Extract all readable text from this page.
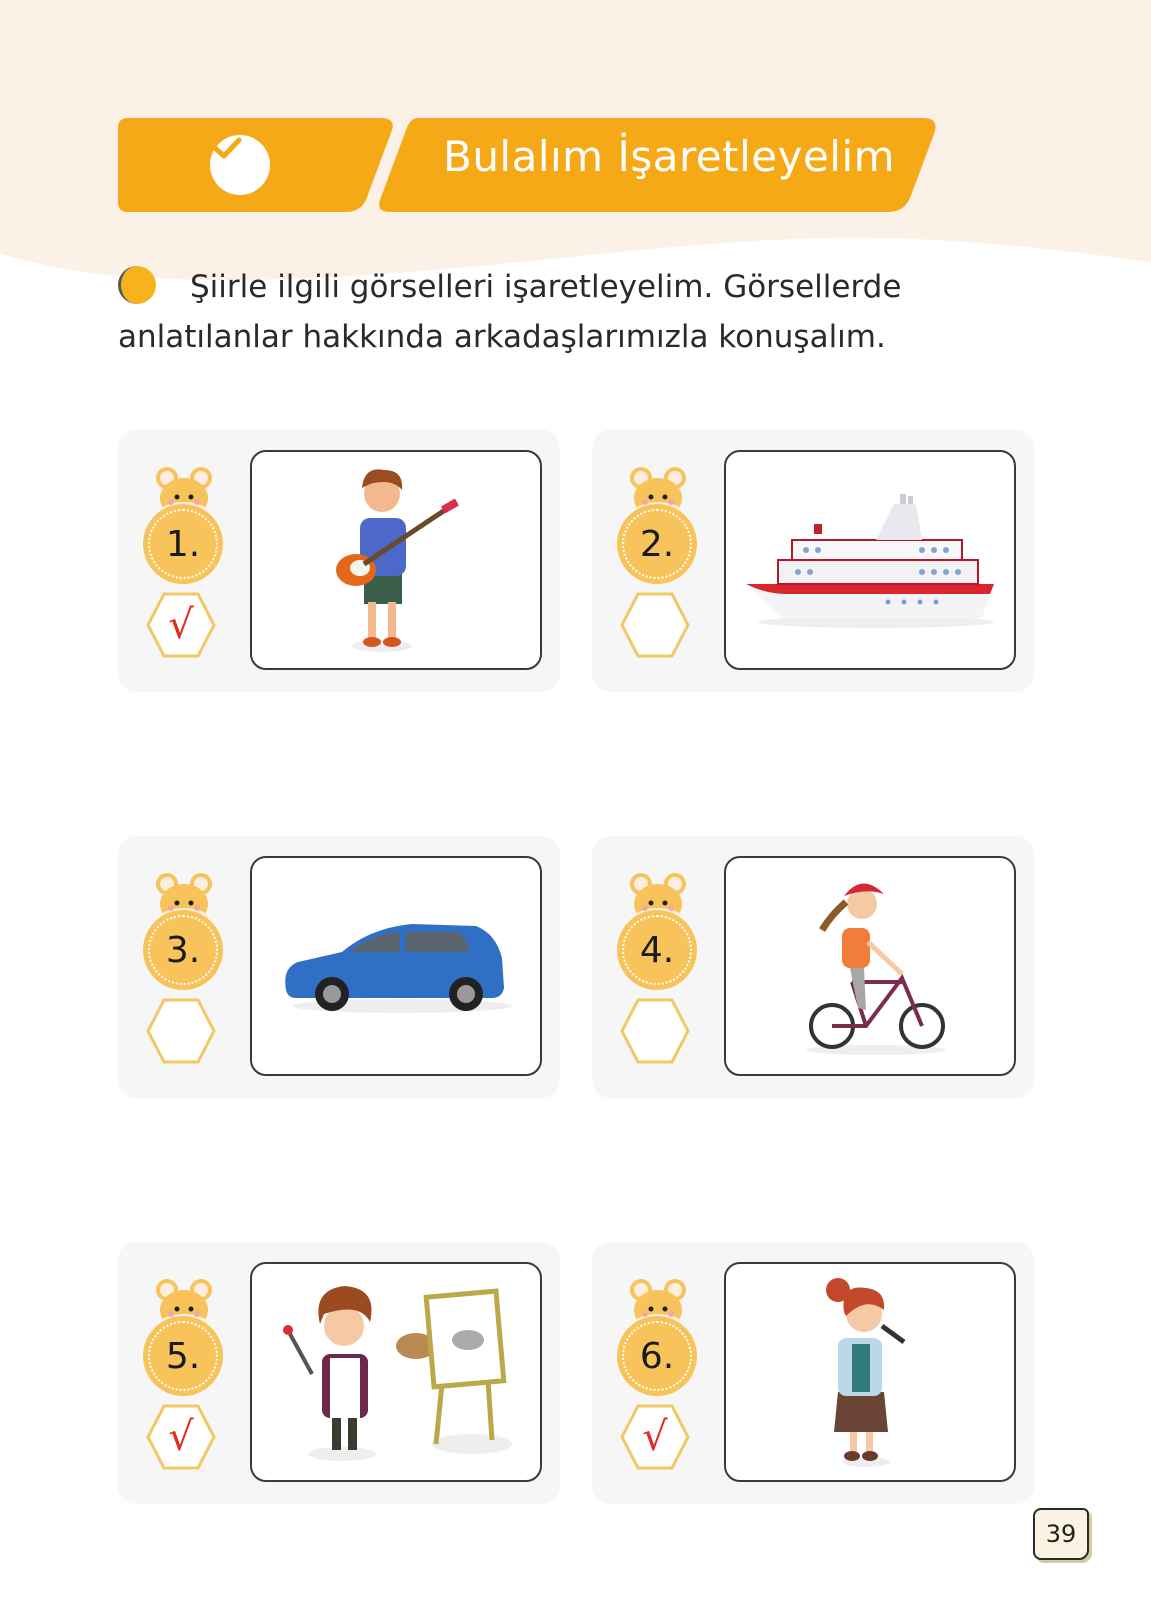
Bulalım İşaretleyelim
Şiirle ilgili görselleri işaretleyelim. Görsellerde anlatılanlar hakkında arkadaşlarımızla konuşalım.
1.
√
2.
3.	4.
5.
√
6.
√
39
